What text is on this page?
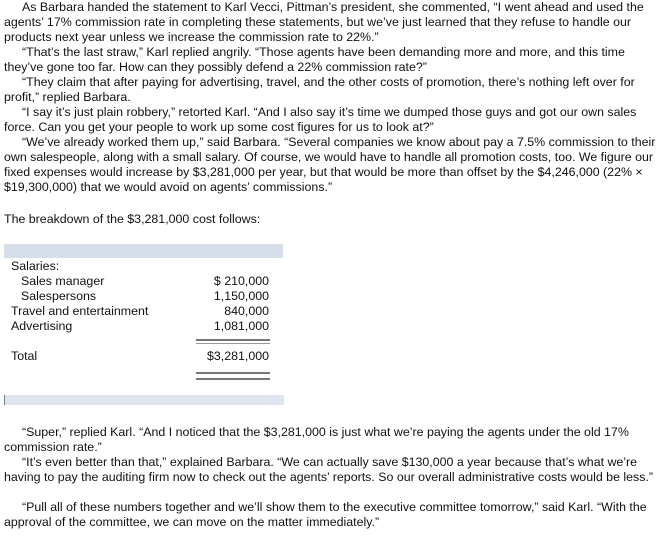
As Barbara handed the statement to Karl Vecci, Pittman’s president, she commented, “I went ahead and used the agents’ 17% commission rate in completing these statements, but we’ve just learned that they refuse to handle our products next year unless we increase the commission rate to 22%.”

“That’s the last straw,” Karl replied angrily. “Those agents have been demanding more and more, and this time they’ve gone too far. How can they possibly defend a 22% commission rate?”

“They claim that after paying for advertising, travel, and the other costs of promotion, there’s nothing left over for profit,” replied Barbara.

“I say it’s just plain robbery,” retorted Karl. “And I also say it’s time we dumped those guys and got our own sales force. Can you get your people to work up some cost figures for us to look at?”

“We’ve already worked them up,” said Barbara. “Several companies we know about pay a 7.5% commission to their own salespeople, along with a small salary. Of course, we would have to handle all promotion costs, too. We figure our fixed expenses would increase by $3,281,000 per year, but that would be more than offset by the $4,246,000 (22% × $19,300,000) that we would avoid on agents’ commissions.”

The breakdown of the $3,281,000 cost follows:

Salaries:
Sales manager	$ 210,000
Salespersons	1,150,000
Travel and entertainment	840,000
Advertising	1,081,000
Total	$3,281,000

“Super,” replied Karl. “And I noticed that the $3,281,000 is just what we’re paying the agents under the old 17% commission rate.”

“It’s even better than that,” explained Barbara. “We can actually save $130,000 a year because that’s what we’re having to pay the auditing firm now to check out the agents’ reports. So our overall administrative costs would be less.”

“Pull all of these numbers together and we’ll show them to the executive committee tomorrow,” said Karl. “With the approval of the committee, we can move on the matter immediately.”
